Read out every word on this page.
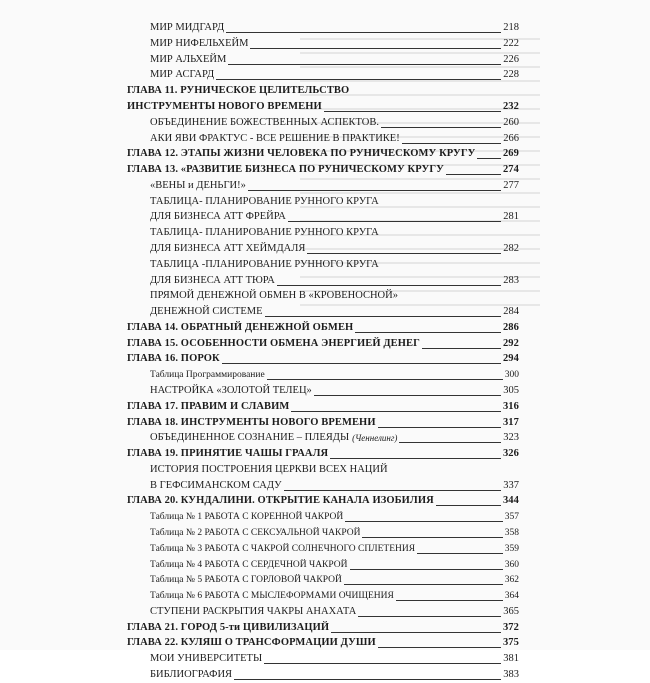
МИР МИДГАРД	218
МИР НИФЕЛЬХЕЙМ	222
МИР АЛЬХЕЙМ	226
МИР АСГАРД	228
ГЛАВА 11. РУНИЧЕСКОЕ ЦЕЛИТЕЛЬСТВО
ИНСТРУМЕНТЫ НОВОГО ВРЕМЕНИ	232
ОБЪЕДИНЕНИЕ БОЖЕСТВЕННЫХ АСПЕКТОВ.	260
АКИ ЯВИ ФРАКТУС - ВСЕ РЕШЕНИЕ В ПРАКТИКЕ!	266
ГЛАВА 12. ЭТАПЫ ЖИЗНИ ЧЕЛОВЕКА ПО РУНИЧЕСКОМУ КРУГУ	269
ГЛАВА 13. «РАЗВИТИЕ БИЗНЕСА ПО РУНИЧЕСКОМУ КРУГУ	274
«ВЕНЫ и ДЕНЬГИ!»	277
ТАБЛИЦА- ПЛАНИРОВАНИЕ РУННОГО КРУГА
ДЛЯ БИЗНЕСА АТТ ФРЕЙРА	281
ТАБЛИЦА- ПЛАНИРОВАНИЕ РУННОГО КРУГА
ДЛЯ БИЗНЕСА АТТ ХЕЙМДАЛЯ	282
ТАБЛИЦА -ПЛАНИРОВАНИЕ РУННОГО КРУГА
ДЛЯ БИЗНЕСА АТТ ТЮРА	283
ПРЯМОЙ ДЕНЕЖНОЙ ОБМЕН В «КРОВЕНОСНОЙ»
ДЕНЕЖНОЙ СИСТЕМЕ	284
ГЛАВА 14. ОБРАТНЫЙ ДЕНЕЖНОЙ ОБМЕН	286
ГЛАВА 15. ОСОБЕННОСТИ ОБМЕНА ЭНЕРГИЕЙ ДЕНЕГ	292
ГЛАВА 16. ПОРОК	294
Таблица Программирование	300
НАСТРОЙКА «ЗОЛОТОЙ ТЕЛЕЦ»	305
ГЛАВА 17. ПРАВИМ И СЛАВИМ	316
ГЛАВА 18. ИНСТРУМЕНТЫ НОВОГО ВРЕМЕНИ	317
ОБЪЕДИНЕННОЕ СОЗНАНИЕ – ПЛЕЯДЫ (Ченнелинг)	323
ГЛАВА 19. ПРИНЯТИЕ ЧАШЫ ГРААЛЯ	326
ИСТОРИЯ ПОСТРОЕНИЯ ЦЕРКВИ ВСЕХ НАЦИЙ
В ГЕФСИМАНСКОМ САДУ	337
ГЛАВА 20. КУНДАЛИНИ. ОТКРЫТИЕ КАНАЛА ИЗОБИЛИЯ	344
Таблица № 1 РАБОТА С КОРЕННОЙ ЧАКРОЙ	357
Таблица № 2 РАБОТА С СЕКСУАЛЬНОЙ ЧАКРОЙ	358
Таблица № 3 РАБОТА С ЧАКРОЙ СОЛНЕЧНОГО СПЛЕТЕНИЯ	359
Таблица № 4 РАБОТА С СЕРДЕЧНОЙ ЧАКРОЙ	360
Таблица № 5 РАБОТА С ГОРЛОВОЙ ЧАКРОЙ	362
Таблица № 6 РАБОТА С МЫСЛЕФОРМАМИ ОЧИЩЕНИЯ	364
СТУПЕНИ РАСКРЫТИЯ ЧАКРЫ АНАХАТА	365
ГЛАВА 21. ГОРОД 5-ти ЦИВИЛИЗАЦИЙ	372
ГЛАВА 22. КУЛЯШ О ТРАНСФОРМАЦИИ ДУШИ	375
МОИ УНИВЕРСИТЕТЫ	381
БИБЛИОГРАФИЯ	383
